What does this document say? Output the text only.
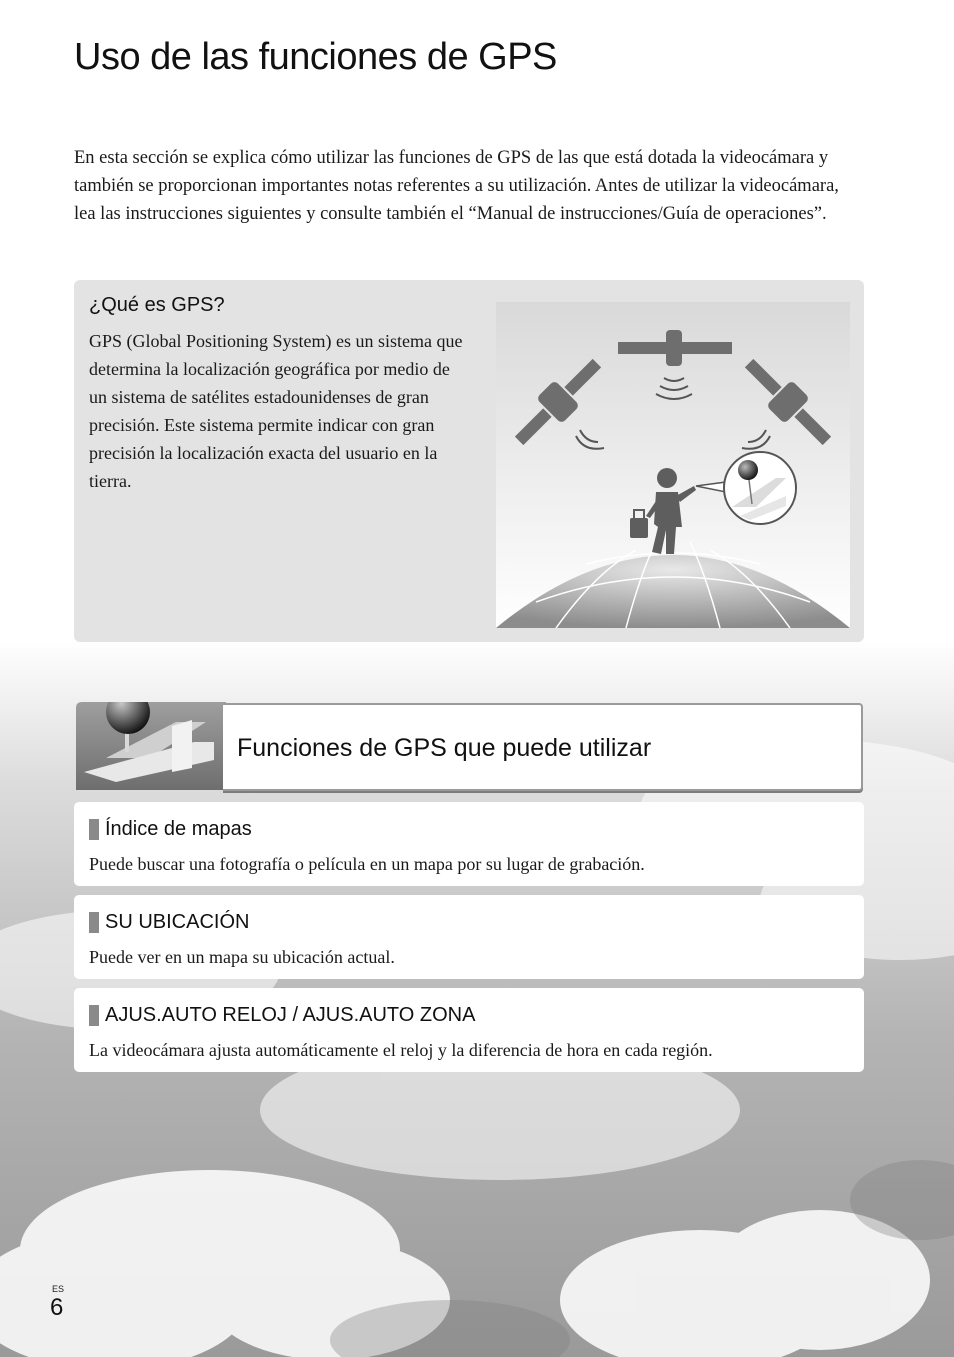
Uso de las funciones de GPS

En esta sección se explica cómo utilizar las funciones de GPS de las que está dotada la videocámara y también se proporcionan importantes notas referentes a su utilización. Antes de utilizar la videocámara, lea las instrucciones siguientes y consulte también el “Manual de instrucciones/Guía de operaciones”.

¿Qué es GPS?

GPS (Global Positioning System) es un sistema que determina la localización geográfica por medio de un sistema de satélites estadounidenses de gran precisión. Este sistema permite indicar con gran precisión la localización exacta del usuario en la tierra.

Funciones de GPS que puede utilizar
Índice de mapas

Puede buscar una fotografía o película en un mapa por su lugar de grabación.

SU UBICACIÓN

Puede ver en un mapa su ubicación actual.

AJUS.AUTO RELOJ / AJUS.AUTO ZONA

La videocámara ajusta automáticamente el reloj y la diferencia de hora en cada región.

ES
6
